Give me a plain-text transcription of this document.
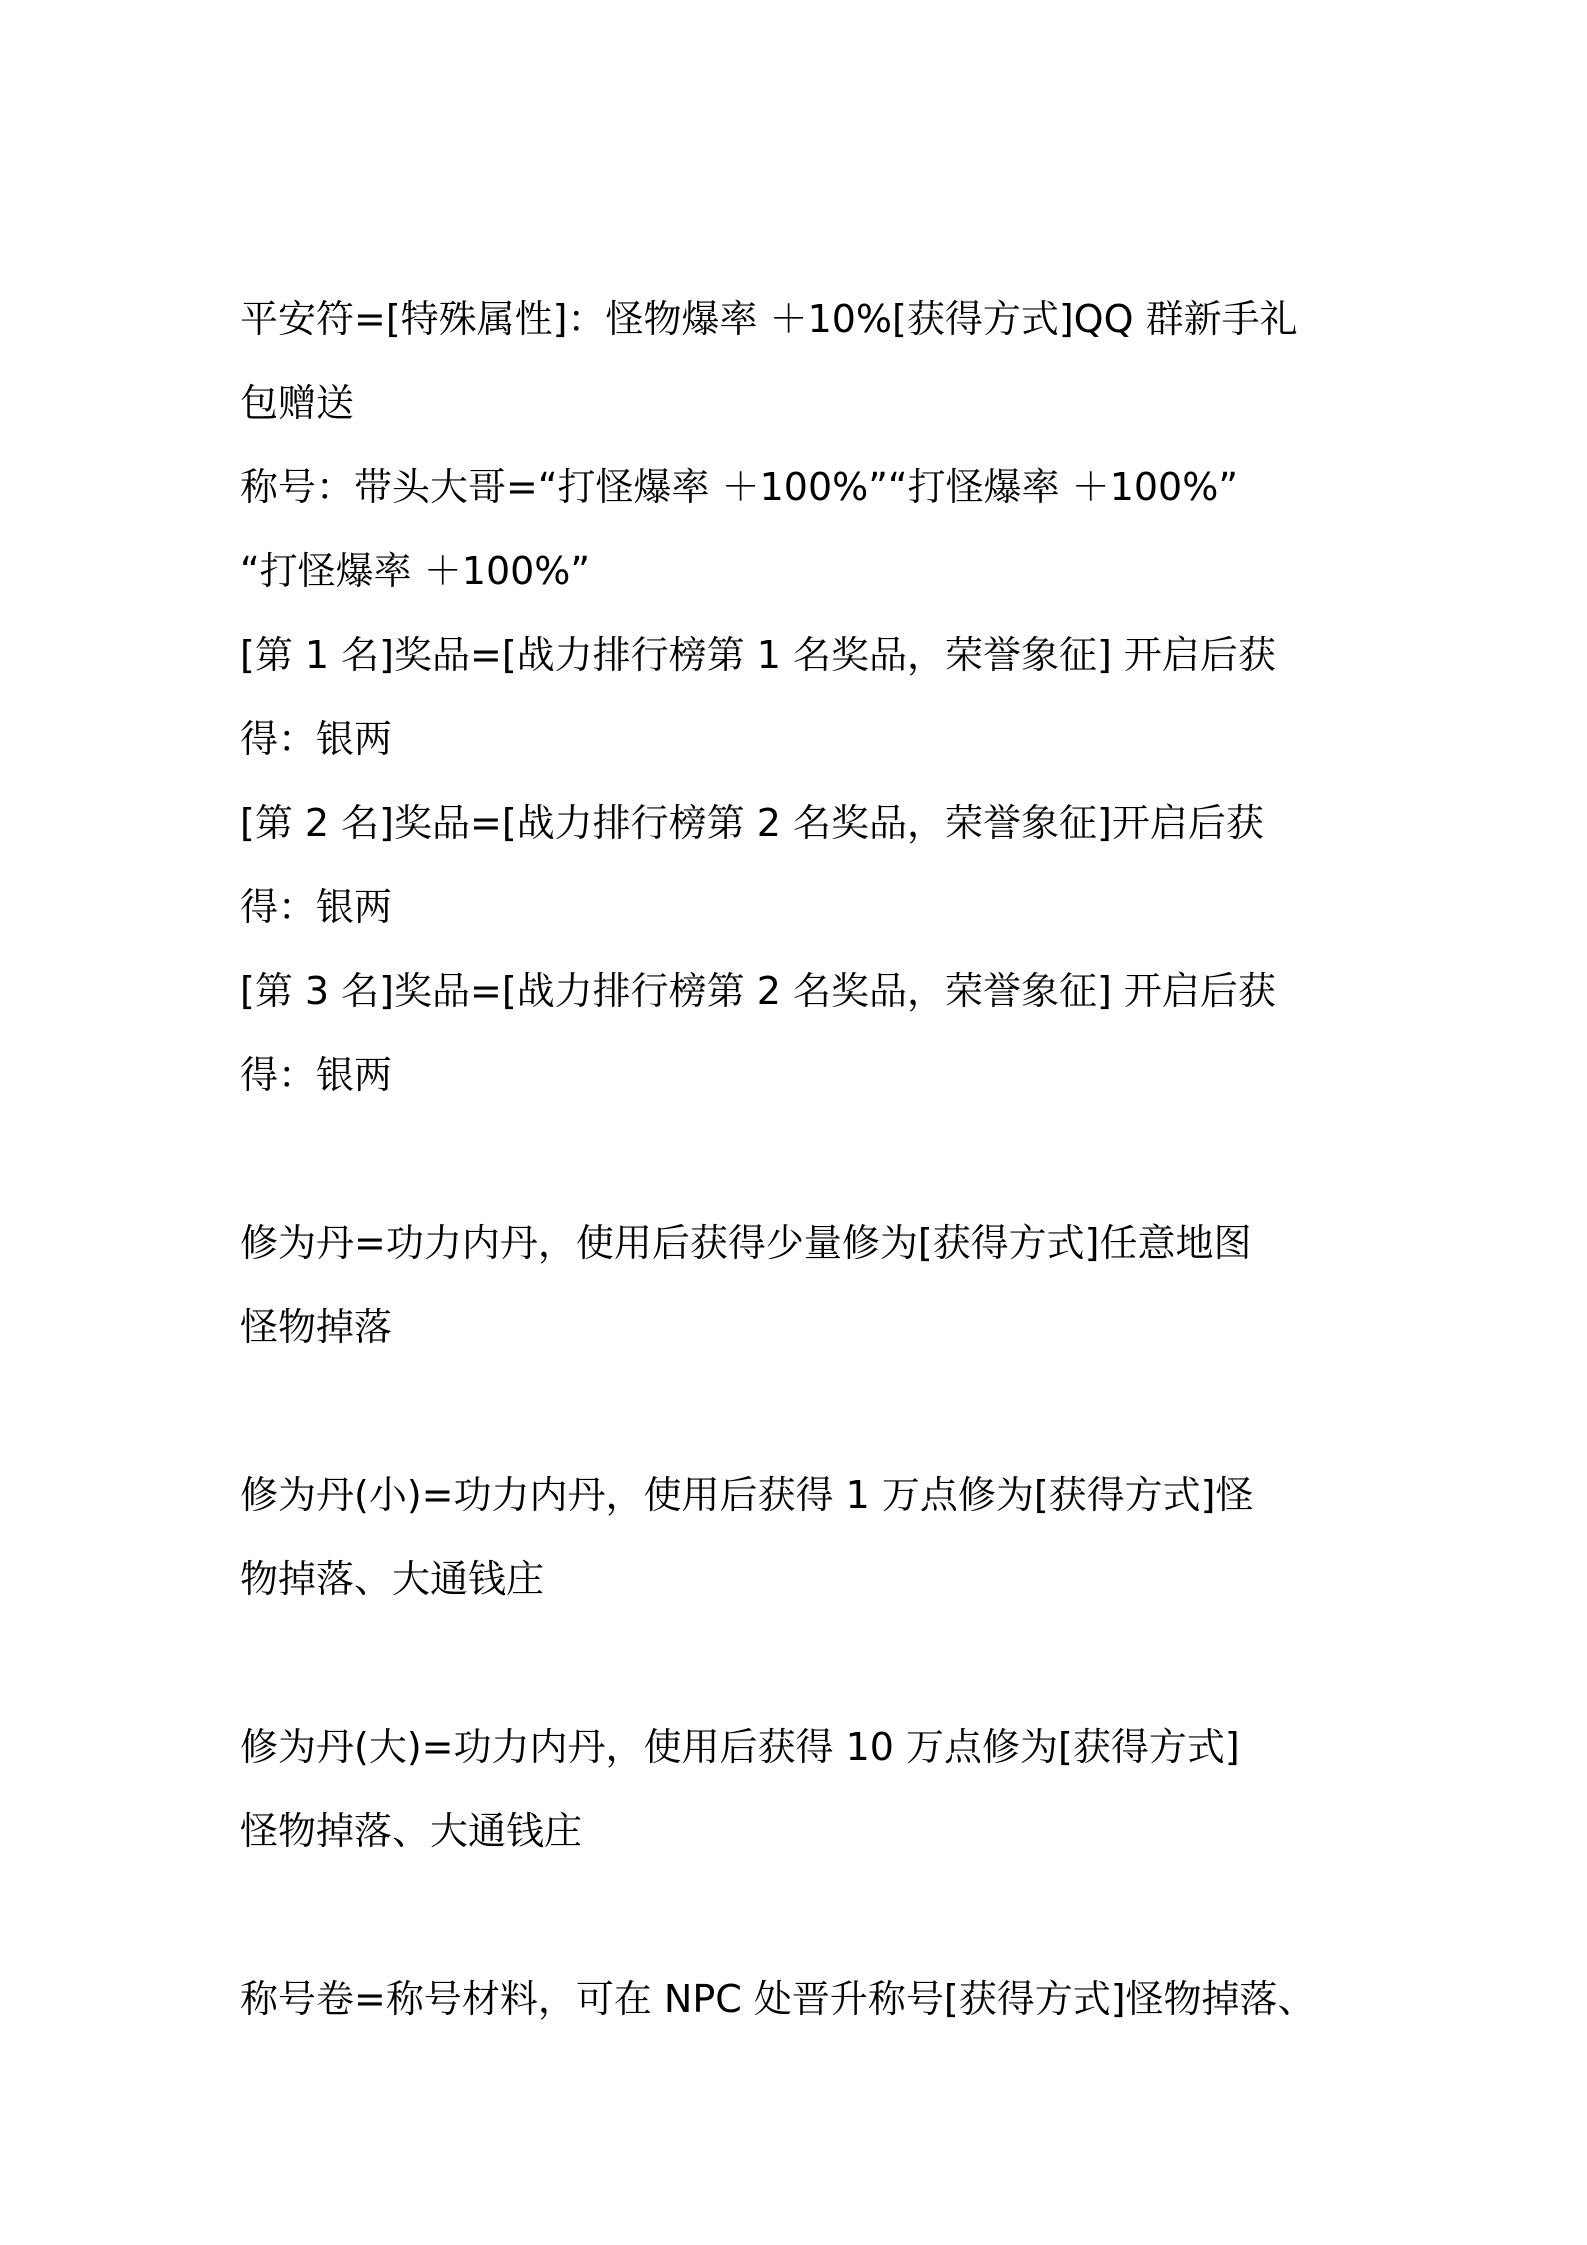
平安符=[特殊属性]：怪物爆率 ＋10%[获得方式]QQ 群新手礼
包赠送
称号：带头大哥=“打怪爆率 ＋100%”“打怪爆率 ＋100%”
“打怪爆率 ＋100%”
[第 1 名]奖品=[战力排行榜第 1 名奖品，荣誉象征] 开启后获
得：银两
[第 2 名]奖品=[战力排行榜第 2 名奖品，荣誉象征]开启后获
得：银两
[第 3 名]奖品=[战力排行榜第 2 名奖品，荣誉象征] 开启后获
得：银两
修为丹=功力内丹，使用后获得少量修为[获得方式]任意地图
怪物掉落
修为丹(小)=功力内丹，使用后获得 1 万点修为[获得方式]怪
物掉落、大通钱庄
修为丹(大)=功力内丹，使用后获得 10 万点修为[获得方式]
怪物掉落、大通钱庄
称号卷=称号材料，可在 NPC 处晋升称号[获得方式]怪物掉落、
